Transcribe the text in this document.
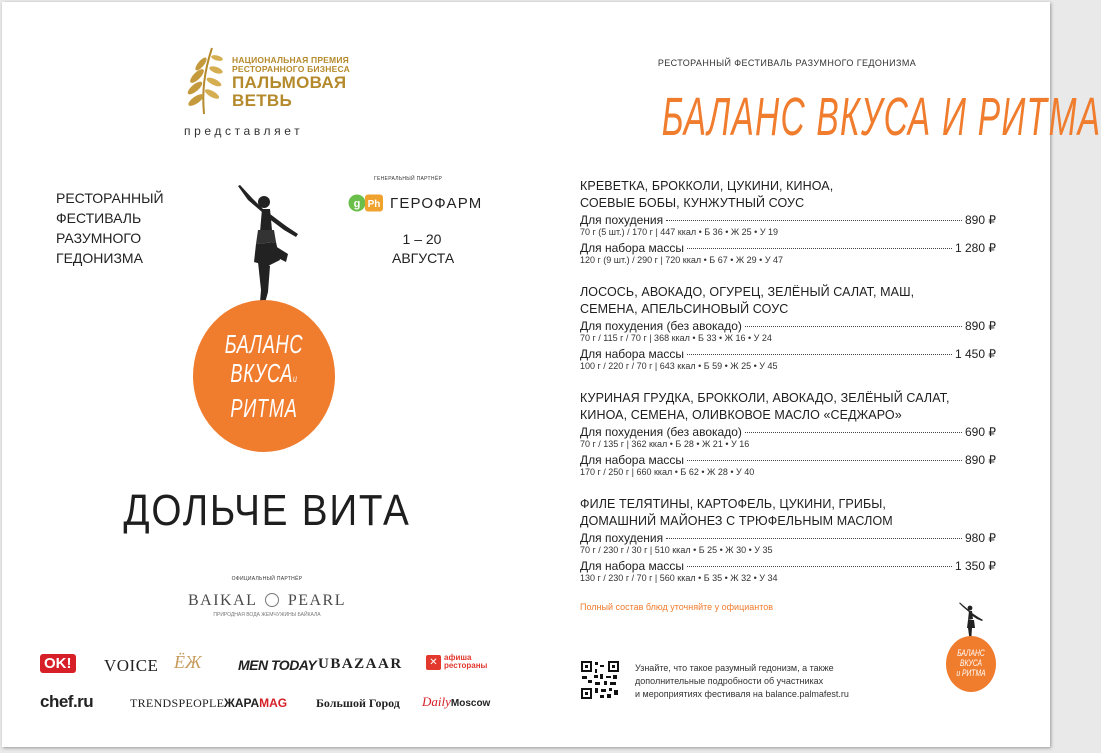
НАЦИОНАЛЬНАЯ ПРЕМИЯ
РЕСТОРАННОГО БИЗНЕСА
ПАЛЬМОВАЯ
ВЕТВЬ
представляет
РЕСТОРАННЫЙ
ФЕСТИВАЛЬ
РАЗУМНОГО
ГЕДОНИЗМА
ГЕНЕРАЛЬНЫЙ ПАРТНЁР
g Ph ГЕРОФАРМ
1 – 20
АВГУСТА
БАЛАНС
ВКУСАи
РИТМА
ДОЛЬЧЕ ВИТА
ОФИЦИАЛЬНЫЙ ПАРТНЁР
BAIKAL PEARL
ПРИРОДНАЯ ВОДА ЖЕМЧУЖИНЫ БАЙКАЛА
OK! VOICE ЁЖ	MEN TODAY UBAZAAR	✕ афиша
рестораны
chef.ru	TRENDSPEOPLE ЖАРАMAG Большой Город DailyMoscow
РЕСТОРАННЫЙ ФЕСТИВАЛЬ РАЗУМНОГО ГЕДОНИЗМА
БАЛАНС ВКУСА И РИТМА
КРЕВЕТКА, БРОККОЛИ, ЦУКИНИ, КИНОА,
СОЕВЫЕ БОБЫ, КУНЖУТНЫЙ СОУС
Для похудения	890 ₽
70 г (5 шт.) / 170 г | 447 ккал • Б 36 • Ж 25 • У 19
Для набора массы	1 280 ₽
120 г (9 шт.) / 290 г | 720 ккал • Б 67 • Ж 29 • У 47
ЛОСОСЬ, АВОКАДО, ОГУРЕЦ, ЗЕЛЁНЫЙ САЛАТ, МАШ,
СЕМЕНА, АПЕЛЬСИНОВЫЙ СОУС
Для похудения (без авокадо)	890 ₽
70 г / 115 г / 70 г | 368 ккал • Б 33 • Ж 16 • У 24
Для набора массы	1 450 ₽
100 г / 220 г / 70 г | 643 ккал • Б 59 • Ж 25 • У 45
КУРИНАЯ ГРУДКА, БРОККОЛИ, АВОКАДО, ЗЕЛЁНЫЙ САЛАТ,
КИНОА, СЕМЕНА, ОЛИВКОВОЕ МАСЛО «СЕДЖАРО»
Для похудения (без авокадо)	690 ₽
70 г / 135 г | 362 ккал • Б 28 • Ж 21 • У 16
Для набора массы	890 ₽
170 г / 250 г | 660 ккал • Б 62 • Ж 28 • У 40
ФИЛЕ ТЕЛЯТИНЫ, КАРТОФЕЛЬ, ЦУКИНИ, ГРИБЫ,
ДОМАШНИЙ МАЙОНЕЗ С ТРЮФЕЛЬНЫМ МАСЛОМ
Для похудения	980 ₽
70 г / 230 г / 30 г | 510 ккал • Б 25 • Ж 30 • У 35
Для набора массы	1 350 ₽
130 г / 230 г / 70 г | 560 ккал • Б 35 • Ж 32 • У 34
Полный состав блюд уточняйте у официантов
Узнайте, что такое разумный гедонизм, а также
дополнительные подробности об участниках
и мероприятиях фестиваля на balance.palmafest.ru
БАЛАНС
ВКУСА
и РИТМА
